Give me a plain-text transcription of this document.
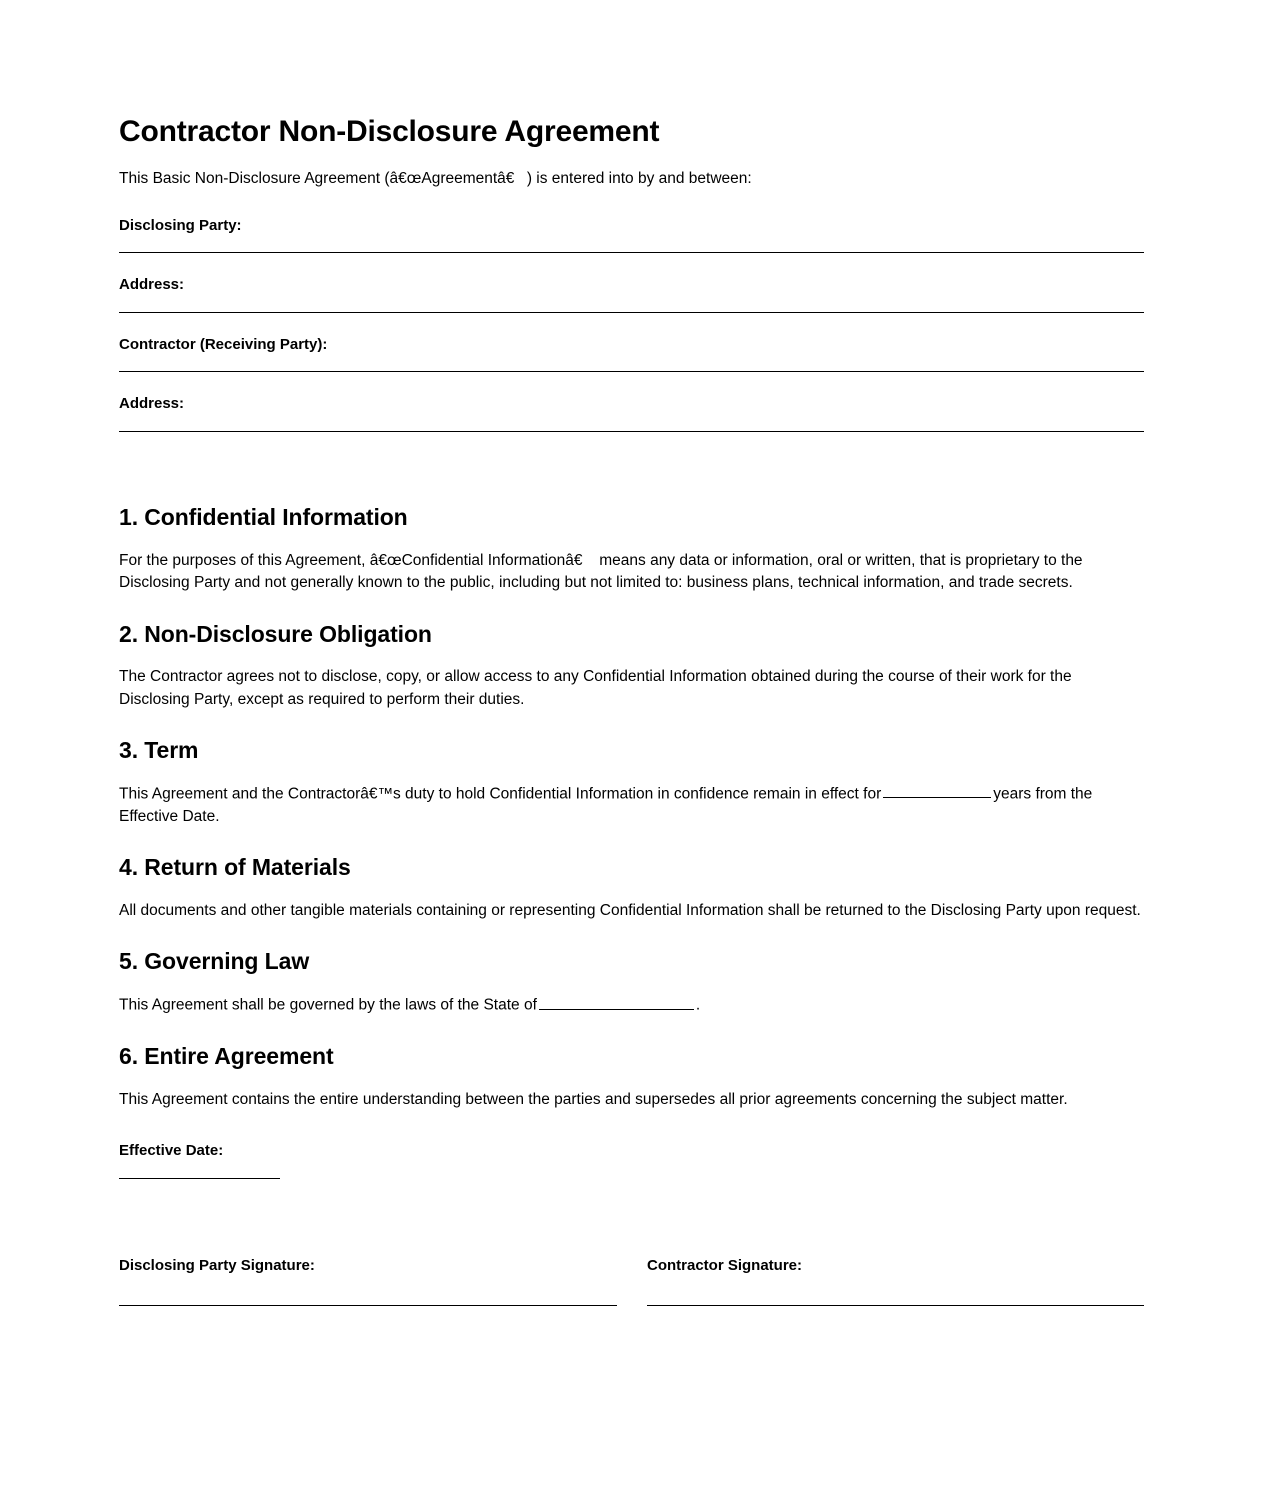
Contractor Non-Disclosure Agreement

This Basic Non-Disclosure Agreement (â€œAgreementâ€) is entered into by and between:

Disclosing Party:
Address:
Contractor (Receiving Party):
Address:
1. Confidential Information

For the purposes of this Agreement, â€œConfidential Informationâ€ means any data or information, oral or written, that is proprietary to the Disclosing Party and not generally known to the public, including but not limited to: business plans, technical information, and trade secrets.

2. Non-Disclosure Obligation

The Contractor agrees not to disclose, copy, or allow access to any Confidential Information obtained during the course of their work for the Disclosing Party, except as required to perform their duties.

3. Term

This Agreement and the Contractorâ€™s duty to hold Confidential Information in confidence remain in effect for	years from the Effective Date.

4. Return of Materials

All documents and other tangible materials containing or representing Confidential Information shall be returned to the Disclosing Party upon request.

5. Governing Law

This Agreement shall be governed by the laws of the State of	.

6. Entire Agreement

This Agreement contains the entire understanding between the parties and supersedes all prior agreements concerning the subject matter.

Effective Date:
Disclosing Party Signature:	Contractor Signature:
